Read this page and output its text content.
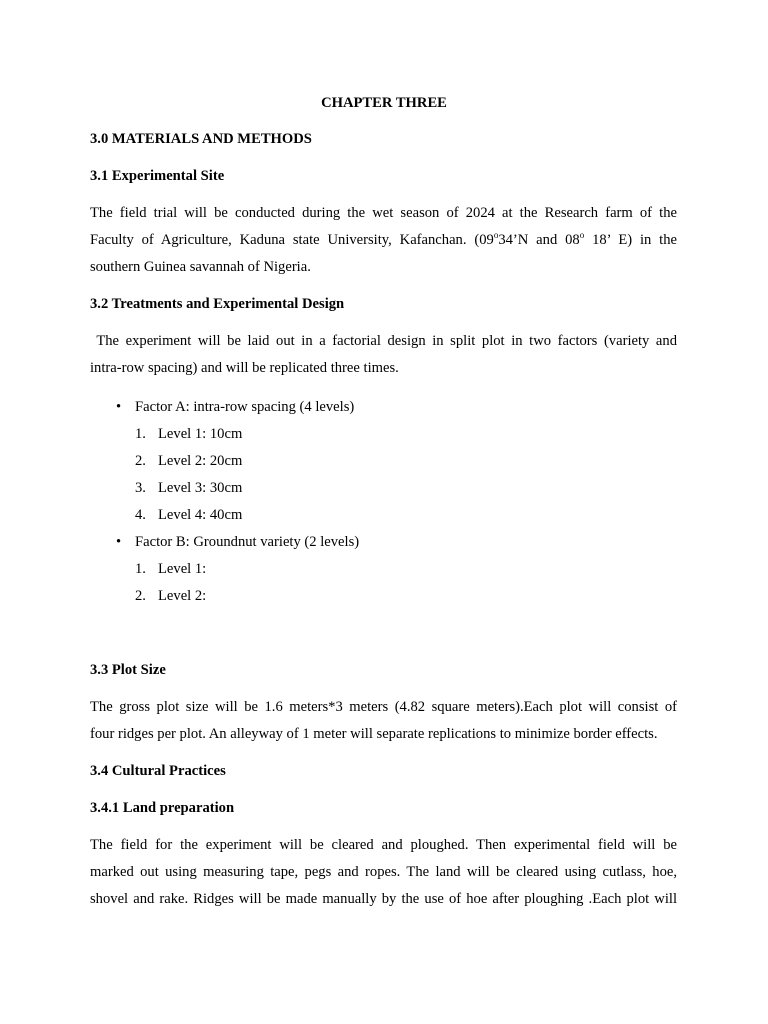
CHAPTER THREE

3.0 MATERIALS AND METHODS

3.1 Experimental Site

The field trial will be conducted during the wet season of 2024 at the Research farm of the

Faculty of Agriculture, Kaduna state University, Kafanchan. (09$^o$34’N and 08$^o$ 18’ E) in the

southern Guinea savannah of Nigeria.

3.2 Treatments and Experimental Design

The experiment will be laid out in a factorial design in split plot in two factors (variety and

intra-row spacing) and will be replicated three times.

• Factor A: intra-row spacing (4 levels)
1. Level 1: 10cm
2. Level 2: 20cm
3. Level 3: 30cm
4. Level 4: 40cm
• Factor B: Groundnut variety (2 levels)
1. Level 1:
2. Level 2:

3.3 Plot Size

The gross plot size will be 1.6 meters*3 meters (4.82 square meters).Each plot will consist of

four ridges per plot. An alleyway of 1 meter will separate replications to minimize border effects.

3.4 Cultural Practices

3.4.1 Land preparation

The field for the experiment will be cleared and ploughed. Then experimental field will be

marked out using measuring tape, pegs and ropes. The land will be cleared using cutlass, hoe,

shovel and rake. Ridges will be made manually by the use of hoe after ploughing .Each plot will
